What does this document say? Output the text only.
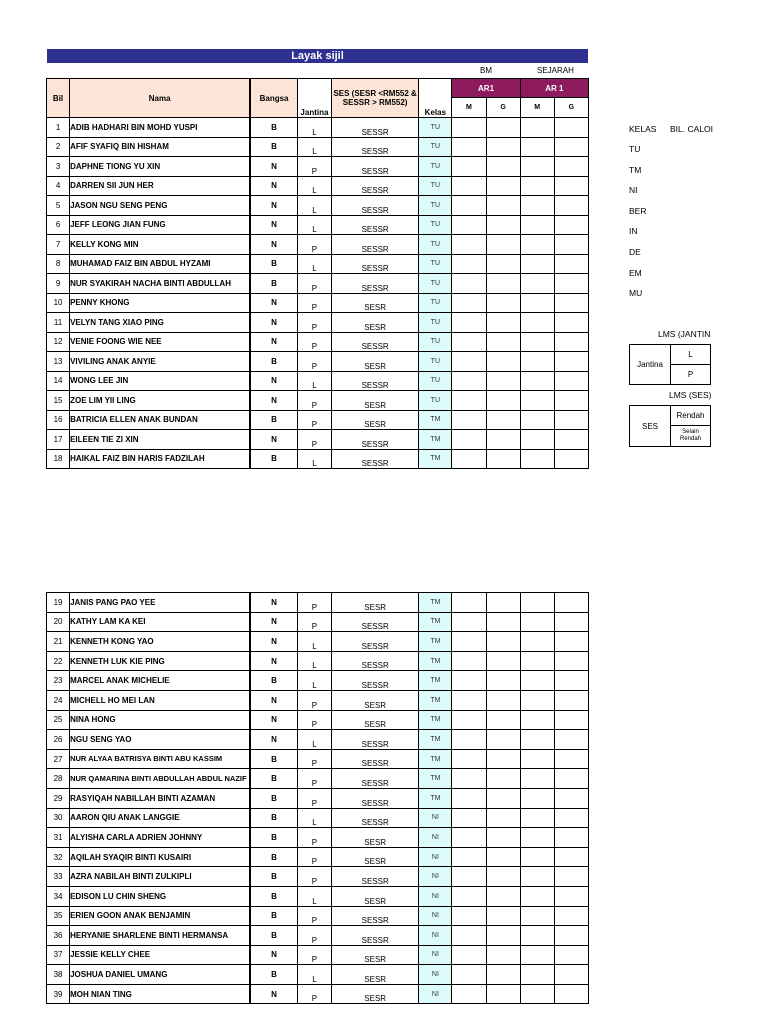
Layak sijil
BM	SEJARAH
Bil	Nama	Bangsa	Jantina	SES (SESR <RM552 & SESSR > RM552)	Kelas	AR1		AR 1	
						M	G	M	G
1	ADIB HADHARI BIN MOHD YUSPI	B	L	SESSR	TU				
2	AFIF SYAFIQ BIN HISHAM	B	L	SESSR	TU				
3	DAPHNE TIONG YU XIN	N	P	SESSR	TU				
4	DARREN SII JUN HER	N	L	SESSR	TU				
5	JASON NGU SENG PENG	N	L	SESSR	TU				
6	JEFF LEONG JIAN FUNG	N	L	SESSR	TU				
7	KELLY KONG MIN	N	P	SESSR	TU				
8	MUHAMAD FAIZ BIN ABDUL HYZAMI	B	L	SESSR	TU				
9	NUR SYAKIRAH NACHA BINTI ABDULLAH	B	P	SESSR	TU				
10	PENNY KHONG	N	P	SESR	TU				
11	VELYN TANG XIAO PING	N	P	SESR	TU				
12	VENIE FOONG WIE NEE	N	P	SESSR	TU				
13	VIVILING ANAK ANYIE	B	P	SESR	TU				
14	WONG LEE JIN	N	L	SESSR	TU				
15	ZOE LIM YII LING	N	P	SESR	TU				
16	BATRICIA ELLEN ANAK BUNDAN	B	P	SESR	TM				
17	EILEEN TIE ZI XIN	N	P	SESSR	TM				
18	HAIKAL FAIZ BIN HARIS FADZILAH	B	L	SESSR	TM				
19	JANIS PANG PAO YEE	N	P	SESR	TM				
20	KATHY LAM KA KEI	N	P	SESSR	TM				
21	KENNETH KONG YAO	N	L	SESSR	TM				
22	KENNETH LUK KIE PING	N	L	SESSR	TM				
23	MARCEL ANAK MICHELIE	B	L	SESSR	TM				
24	MICHELL HO MEI LAN	N	P	SESR	TM				
25	NINA HONG	N	P	SESR	TM				
26	NGU SENG YAO	N	L	SESSR	TM				
27	NUR ALYAA BATRISYA BINTI ABU KASSIM	B	P	SESSR	TM				
28	NUR QAMARINA BINTI ABDULLAH ABDUL NAZIF	B	P	SESSR	TM				
29	RASYIQAH NABILLAH BINTI AZAMAN	B	P	SESSR	TM				
30	AARON QIU ANAK LANGGIE	B	L	SESSR	NI				
31	ALYISHA CARLA ADRIEN JOHNNY	B	P	SESR	NI				
32	AQILAH SYAQIR BINTI KUSAIRI	B	P	SESR	NI				
33	AZRA NABILAH BINTI ZULKIPLI	B	P	SESSR	NI				
34	EDISON LU CHIN SHENG	B	L	SESR	NI				
35	ERIEN GOON ANAK BENJAMIN	B	P	SESSR	NI				
36	HERYANIE SHARLENE BINTI HERMANSA	B	P	SESSR	NI				
37	JESSIE KELLY CHEE	N	P	SESR	NI				
38	JOSHUA DANIEL UMANG	B	L	SESR	NI				
39	MOH NIAN TING	N	P	SESR	NI				
KELAS BIL. CALOI
TU
TM
NI
BER
IN
DE
EM
MU
LMS (JANTIN
Jantina
L
P
LMS (SES)
SES
Rendah
Selain Rendah
